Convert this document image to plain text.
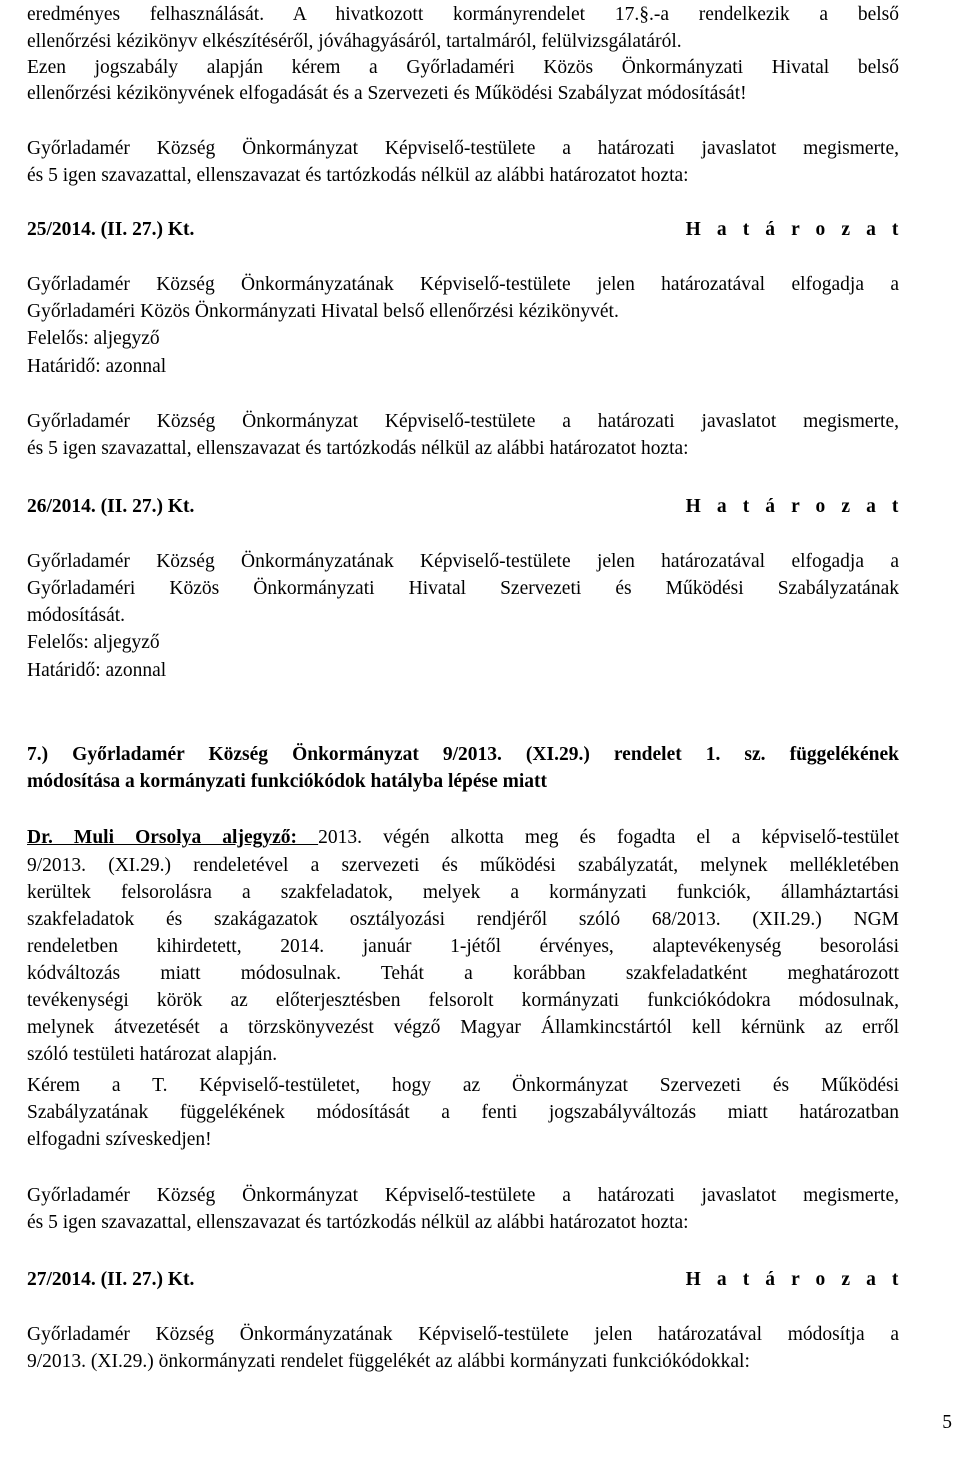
eredményes felhasználását. A hivatkozott kormányrendelet 17.§.-a rendelkezik a belső
ellenőrzési kézikönyv elkészítéséről, jóváhagyásáról, tartalmáról, felülvizsgálatáról.
Ezen jogszabály alapján kérem a Győrladaméri Közös Önkormányzati Hivatal belső
ellenőrzési kézikönyvének elfogadását és a Szervezeti és Működési Szabályzat módosítását!
Győrladamér Község Önkormányzat Képviselő-testülete a határozati javaslatot megismerte,
és 5 igen szavazattal, ellenszavazat és tartózkodás nélkül az alábbi határozatot hozta:
25/2014. (II. 27.) Kt.	H a t á r o z a t
Győrladamér Község Önkormányzatának Képviselő-testülete jelen határozatával elfogadja a
Győrladaméri Közös Önkormányzati Hivatal belső ellenőrzési kézikönyvét.
Felelős: aljegyző
Határidő: azonnal
Győrladamér Község Önkormányzat Képviselő-testülete a határozati javaslatot megismerte,
és 5 igen szavazattal, ellenszavazat és tartózkodás nélkül az alábbi határozatot hozta:
26/2014. (II. 27.) Kt.	H a t á r o z a t
Győrladamér Község Önkormányzatának Képviselő-testülete jelen határozatával elfogadja a
Győrladaméri Közös Önkormányzati Hivatal Szervezeti és Működési Szabályzatának
módosítását.
Felelős: aljegyző
Határidő: azonnal
7.) Győrladamér Község Önkormányzat 9/2013. (XI.29.) rendelet 1. sz. függelékének
módosítása a kormányzati funkciókódok hatályba lépése miatt
Dr. Muli Orsolya aljegyző: 2013. végén alkotta meg és fogadta el a képviselő-testület
9/2013. (XI.29.) rendeletével a szervezeti és működési szabályzatát, melynek mellékletében
kerültek felsorolásra a szakfeladatok, melyek a kormányzati funkciók, államháztartási
szakfeladatok és szakágazatok osztályozási rendjéről szóló 68/2013. (XII.29.) NGM
rendeletben kihirdetett, 2014. január 1-jétől érvényes, alaptevékenység besorolási
kódváltozás miatt módosulnak. Tehát a korábban szakfeladatként meghatározott
tevékenységi körök az előterjesztésben felsorolt kormányzati funkciókódokra módosulnak,
melynek átvezetését a törzskönyvezést végző Magyar Államkincstártól kell kérnünk az erről
szóló testületi határozat alapján.
Kérem a T. Képviselő-testületet, hogy az Önkormányzat Szervezeti és Működési
Szabályzatának függelékének módosítását a fenti jogszabályváltozás miatt határozatban
elfogadni szíveskedjen!
Győrladamér Község Önkormányzat Képviselő-testülete a határozati javaslatot megismerte,
és 5 igen szavazattal, ellenszavazat és tartózkodás nélkül az alábbi határozatot hozta:
27/2014. (II. 27.) Kt.	H a t á r o z a t
Győrladamér Község Önkormányzatának Képviselő-testülete jelen határozatával módosítja a
9/2013. (XI.29.) önkormányzati rendelet függelékét az alábbi kormányzati funkciókódokkal:
5
